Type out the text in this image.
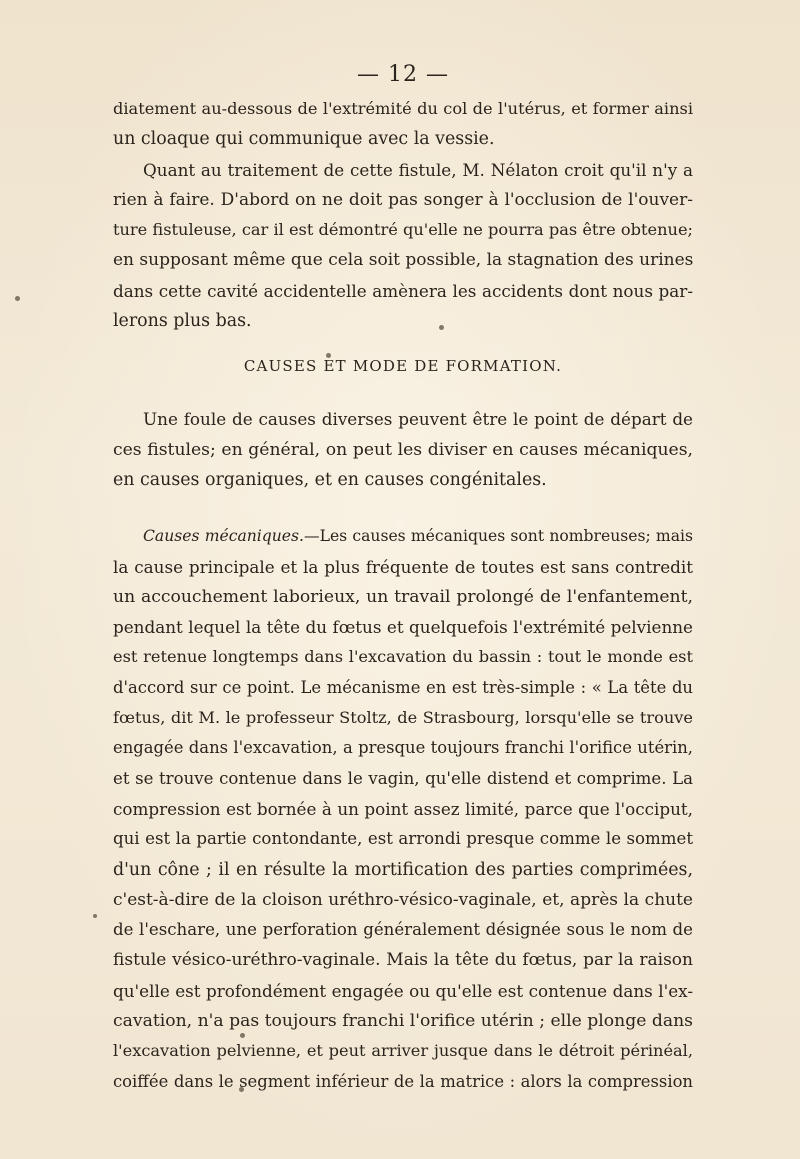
— 12 —
diatement au-dessous de l'extrémité du col de l'utérus, et former ainsi
un cloaque qui communique avec la vessie.
Quant au traitement de cette fistule, M. Nélaton croit qu'il n'y a
rien à faire. D'abord on ne doit pas songer à l'occlusion de l'ouver-
ture fistuleuse, car il est démontré qu'elle ne pourra pas être obtenue;
en supposant même que cela soit possible, la stagnation des urines
dans cette cavité accidentelle amènera les accidents dont nous par-
lerons plus bas.
CAUSES ET MODE DE FORMATION.
Une foule de causes diverses peuvent être le point de départ de
ces fistules; en général, on peut les diviser en causes mécaniques,
en causes organiques, et en causes congénitales.
Causes mécaniques.—Les causes mécaniques sont nombreuses; mais
la cause principale et la plus fréquente de toutes est sans contredit
un accouchement laborieux, un travail prolongé de l'enfantement,
pendant lequel la tête du fœtus et quelquefois l'extrémité pelvienne
est retenue longtemps dans l'excavation du bassin : tout le monde est
d'accord sur ce point. Le mécanisme en est très-simple : « La tête du
fœtus, dit M. le professeur Stoltz, de Strasbourg, lorsqu'elle se trouve
engagée dans l'excavation, a presque toujours franchi l'orifice utérin,
et se trouve contenue dans le vagin, qu'elle distend et comprime. La
compression est bornée à un point assez limité, parce que l'occiput,
qui est la partie contondante, est arrondi presque comme le sommet
d'un cône ; il en résulte la mortification des parties comprimées,
c'est-à-dire de la cloison uréthro-vésico-vaginale, et, après la chute
de l'eschare, une perforation généralement désignée sous le nom de
fistule vésico-uréthro-vaginale. Mais la tête du fœtus, par la raison
qu'elle est profondément engagée ou qu'elle est contenue dans l'ex-
cavation, n'a pas toujours franchi l'orifice utérin ; elle plonge dans
l'excavation pelvienne, et peut arriver jusque dans le détroit périnéal,
coiffée dans le segment inférieur de la matrice : alors la compression
